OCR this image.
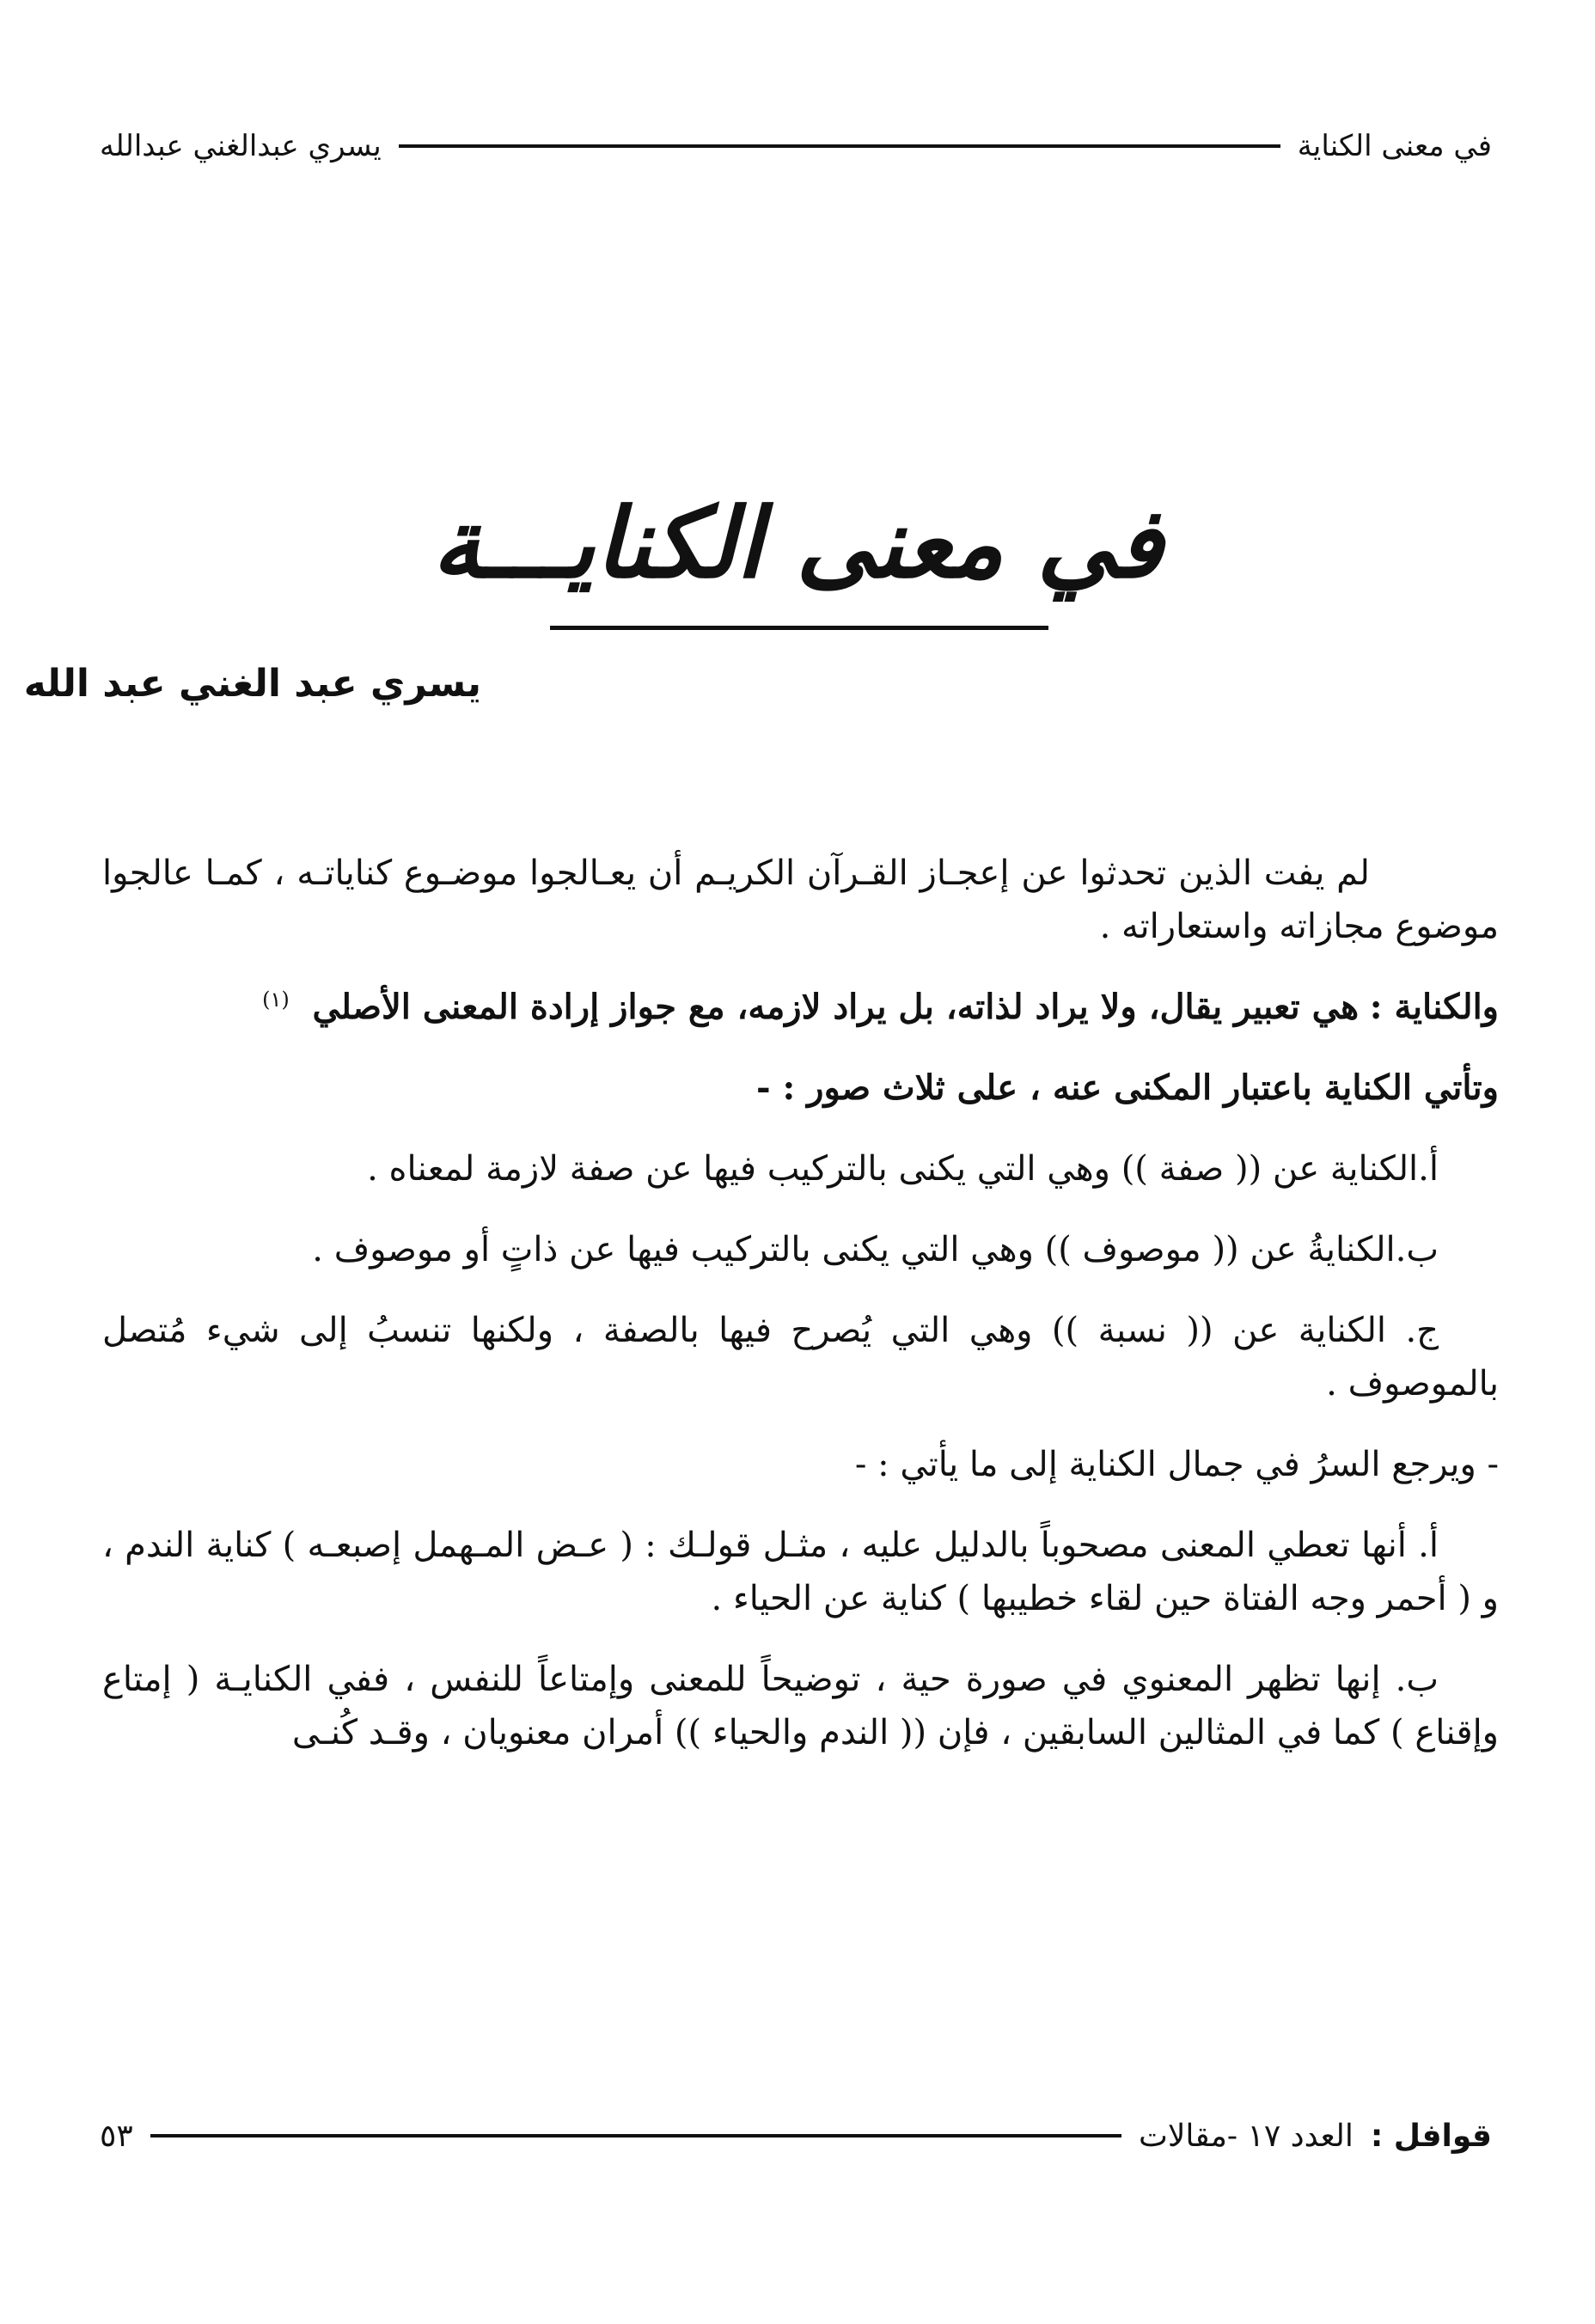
في معنى الكناية
يسري عبدالغني عبدالله
في معنى الكنايـــة
يسري عبد الغني عبد الله

لم يفت الذين تحدثوا عن إعجـاز القـرآن الكريـم أن يعـالجوا موضـوع كناياتـه ، كمـا عالجوا موضوع مجازاته واستعاراته .

والكناية : هي تعبير يقال، ولا يراد لذاته، بل يراد لازمه، مع جواز إرادة المعنى الأصلي $^{(١)}$

وتأتي الكناية باعتبار المكنى عنه ، على ثلاث صور : -

أ.الكناية عن (( صفة )) وهي التي يكنى بالتركيب فيها عن صفة لازمة لمعناه .

ب.الكنايةُ عن (( موصوف )) وهي التي يكنى بالتركيب فيها عن ذاتٍ أو موصوف .

ج. الكناية عن (( نسبة )) وهي التي يُصرح فيها بالصفة ، ولكنها تنسبُ إلى شيء مُتصل بالموصوف .

- ويرجع السرُ في جمال الكناية إلى ما يأتي : -

أ. أنها تعطي المعنى مصحوباً بالدليل عليه ، مثـل قولـك : ( عـض المـهمل إصبعـه ) كناية الندم ، و ( أحمر وجه الفتاة حين لقاء خطيبها ) كناية عن الحياء .

ب. إنها تظهر المعنوي في صورة حية ، توضيحاً للمعنى وإمتاعاً للنفس ، ففي الكنايـة ( إمتاع وإقناع ) كما في المثالين السابقين ، فإن (( الندم والحياء )) أمران معنويان ، وقـد كُنـى

قوافل :
العدد ١٧ -مقالات
٥٣
